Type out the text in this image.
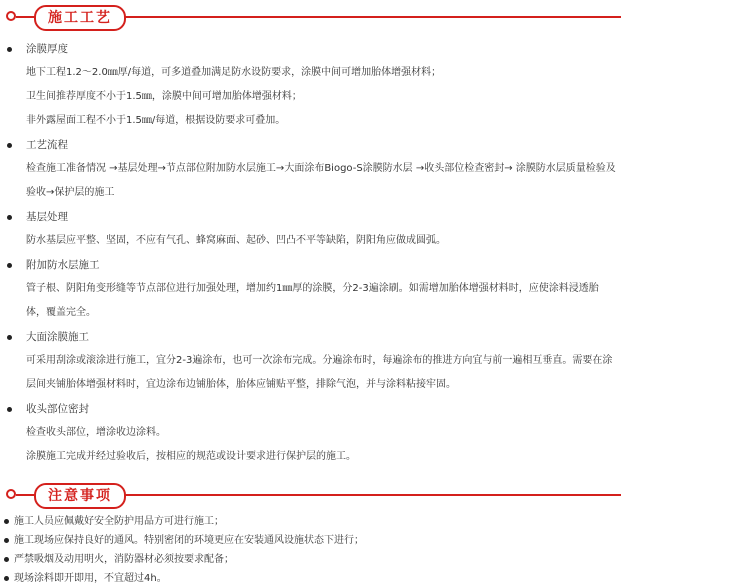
施工工艺
涂膜厚度
地下工程1.2～2.0㎜厚/每道，可多道叠加满足防水设防要求，涂膜中间可增加胎体增强材料；
卫生间推荐厚度不小于1.5㎜，涂膜中间可增加胎体增强材料；
非外露屋面工程不小于1.5㎜/每道，根据设防要求可叠加。
工艺流程
检查施工准备情况 →基层处理→节点部位附加防水层施工→大面涂布Biogo-S涂膜防水层 →收头部位检查密封→ 涂膜防水层质量检验及验收→保护层的施工
基层处理
防水基层应平整、坚固，不应有气孔、蜂窝麻面、起砂、凹凸不平等缺陷，阴阳角应做成圆弧。
附加防水层施工
管子根、阴阳角变形缝等节点部位进行加强处理，增加约1㎜厚的涂膜，分2-3遍涂刷。如需增加胎体增强材料时，应使涂料浸透胎体，覆盖完全。
大面涂膜施工
可采用刮涂或滚涂进行施工，宜分2-3遍涂布，也可一次涂布完成。分遍涂布时，每遍涂布的推进方向宜与前一遍相互垂直。需要在涂层间夹铺胎体增强材料时，宜边涂布边铺胎体，胎体应铺贴平整，排除气泡，并与涂料粘接牢固。
收头部位密封
检查收头部位，增涂收边涂料。
涂膜施工完成并经过验收后，按相应的规范或设计要求进行保护层的施工。
注意事项
施工人员应佩戴好安全防护用品方可进行施工；
施工现场应保持良好的通风。特别密闭的环境更应在安装通风设施状态下进行；
严禁吸烟及动用明火，消防器材必须按要求配备；
现场涂料即开即用，不宜超过4h。
